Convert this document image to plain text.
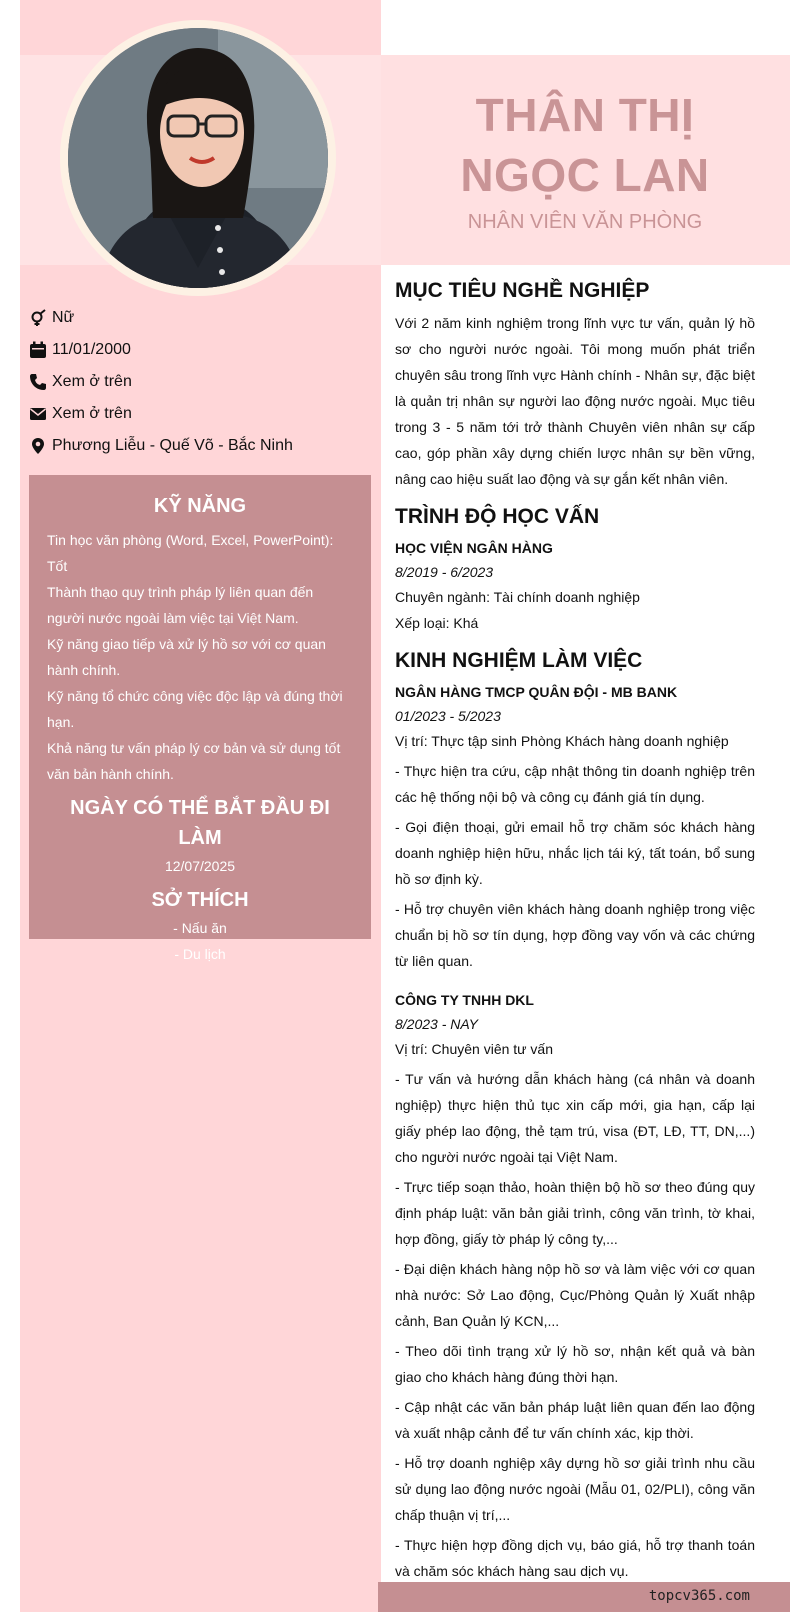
THÂN THỊ NGỌC LAN
NHÂN VIÊN VĂN PHÒNG
Nữ
11/01/2000
Xem ở trên
Xem ở trên
Phương Liễu - Quế Võ - Bắc Ninh
KỸ NĂNG
Tin học văn phòng (Word, Excel, PowerPoint): Tốt
Thành thạo quy trình pháp lý liên quan đến người nước ngoài làm việc tại Việt Nam.
Kỹ năng giao tiếp và xử lý hồ sơ với cơ quan hành chính.
Kỹ năng tổ chức công việc độc lập và đúng thời hạn.
Khả năng tư vấn pháp lý cơ bản và sử dụng tốt văn bản hành chính.
NGÀY CÓ THỂ BẮT ĐẦU ĐI LÀM
12/07/2025
SỞ THÍCH
- Nấu ăn
- Du lịch
MỤC TIÊU NGHỀ NGHIỆP
Với 2 năm kinh nghiệm trong lĩnh vực tư vấn, quản lý hồ sơ cho người nước ngoài. Tôi mong muốn phát triển chuyên sâu trong lĩnh vực Hành chính - Nhân sự, đặc biệt là quản trị nhân sự người lao động nước ngoài. Mục tiêu trong 3 - 5 năm tới trở thành Chuyên viên nhân sự cấp cao, góp phần xây dựng chiến lược nhân sự bền vững, nâng cao hiệu suất lao động và sự gắn kết nhân viên.
TRÌNH ĐỘ HỌC VẤN
HỌC VIỆN NGÂN HÀNG
8/2019 - 6/2023
Chuyên ngành: Tài chính doanh nghiệp
Xếp loại: Khá
KINH NGHIỆM LÀM VIỆC
NGÂN HÀNG TMCP QUÂN ĐỘI - MB BANK
01/2023 - 5/2023
Vị trí: Thực tập sinh Phòng Khách hàng doanh nghiệp
- Thực hiện tra cứu, cập nhật thông tin doanh nghiệp trên các hệ thống nội bộ và công cụ đánh giá tín dụng.
- Gọi điện thoại, gửi email hỗ trợ chăm sóc khách hàng doanh nghiệp hiện hữu, nhắc lịch tái ký, tất toán, bổ sung hồ sơ định kỳ.
- Hỗ trợ chuyên viên khách hàng doanh nghiệp trong việc chuẩn bị hồ sơ tín dụng, hợp đồng vay vốn và các chứng từ liên quan.
CÔNG TY TNHH DKL
8/2023 - NAY
Vị trí: Chuyên viên tư vấn
- Tư vấn và hướng dẫn khách hàng (cá nhân và doanh nghiệp) thực hiện thủ tục xin cấp mới, gia hạn, cấp lại giấy phép lao động, thẻ tạm trú, visa (ĐT, LĐ, TT, DN,...) cho người nước ngoài tại Việt Nam.
- Trực tiếp soạn thảo, hoàn thiện bộ hồ sơ theo đúng quy định pháp luật: văn bản giải trình, công văn trình, tờ khai, hợp đồng, giấy tờ pháp lý công ty,...
- Đại diện khách hàng nộp hồ sơ và làm việc với cơ quan nhà nước: Sở Lao động, Cục/Phòng Quản lý Xuất nhập cảnh, Ban Quản lý KCN,...
- Theo dõi tình trạng xử lý hồ sơ, nhận kết quả và bàn giao cho khách hàng đúng thời hạn.
- Cập nhật các văn bản pháp luật liên quan đến lao động và xuất nhập cảnh để tư vấn chính xác, kịp thời.
- Hỗ trợ doanh nghiệp xây dựng hồ sơ giải trình nhu cầu sử dụng lao động nước ngoài (Mẫu 01, 02/PLI), công văn chấp thuận vị trí,...
- Thực hiện hợp đồng dịch vụ, báo giá, hỗ trợ thanh toán và chăm sóc khách hàng sau dịch vụ.
topcv365.com
